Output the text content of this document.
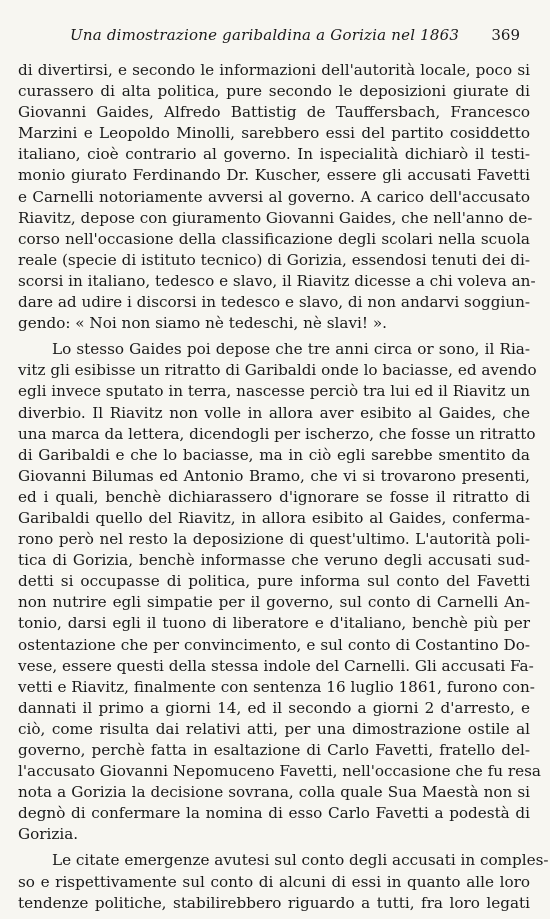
Una dimostrazione garibaldina a Gorizia nel 1863 369
di divertirsi, e secondo le informazioni dell'autorità locale, poco si
curassero di alta politica, pure secondo le deposizioni giurate di
Giovanni Gaides, Alfredo Battistig de Tauffersbach, Francesco
Marzini e Leopoldo Minolli, sarebbero essi del partito cosiddetto
italiano, cioè contrario al governo. In ispecialità dichiarò il testi-
monio giurato Ferdinando Dr. Kuscher, essere gli accusati Favetti
e Carnelli notoriamente avversi al governo. A carico dell'accusato
Riavitz, depose con giuramento Giovanni Gaides, che nell'anno de-
corso nell'occasione della classificazione degli scolari nella scuola
reale (specie di istituto tecnico) di Gorizia, essendosi tenuti dei di-
scorsi in italiano, tedesco e slavo, il Riavitz dicesse a chi voleva an-
dare ad udire i discorsi in tedesco e slavo, di non andarvi soggiun-
gendo: « Noi non siamo nè tedeschi, nè slavi! ».
Lo stesso Gaides poi depose che tre anni circa or sono, il Ria-
vitz gli esibisse un ritratto di Garibaldi onde lo baciasse, ed avendo
egli invece sputato in terra, nascesse perciò tra lui ed il Riavitz un
diverbio. Il Riavitz non volle in allora aver esibito al Gaides, che
una marca da lettera, dicendogli per ischerzo, che fosse un ritratto
di Garibaldi e che lo baciasse, ma in ciò egli sarebbe smentito da
Giovanni Bilumas ed Antonio Bramo, che vi si trovarono presenti,
ed i quali, benchè dichiarassero d'ignorare se fosse il ritratto di
Garibaldi quello del Riavitz, in allora esibito al Gaides, conferma-
rono però nel resto la deposizione di quest'ultimo. L'autorità poli-
tica di Gorizia, benchè informasse che veruno degli accusati sud-
detti si occupasse di politica, pure informa sul conto del Favetti
non nutrire egli simpatie per il governo, sul conto di Carnelli An-
tonio, darsi egli il tuono di liberatore e d'italiano, benchè più per
ostentazione che per convincimento, e sul conto di Costantino Do-
vese, essere questi della stessa indole del Carnelli. Gli accusati Fa-
vetti e Riavitz, finalmente con sentenza 16 luglio 1861, furono con-
dannati il primo a giorni 14, ed il secondo a giorni 2 d'arresto, e
ciò, come risulta dai relativi atti, per una dimostrazione ostile al
governo, perchè fatta in esaltazione di Carlo Favetti, fratello del-
l'accusato Giovanni Nepomuceno Favetti, nell'occasione che fu resa
nota a Gorizia la decisione sovrana, colla quale Sua Maestà non si
degnò di confermare la nomina di esso Carlo Favetti a podestà di
Gorizia.
Le citate emergenze avutesi sul conto degli accusati in comples-
so e rispettivamente sul conto di alcuni di essi in quanto alle loro
tendenze politiche, stabilirebbero riguardo a tutti, fra loro legati
